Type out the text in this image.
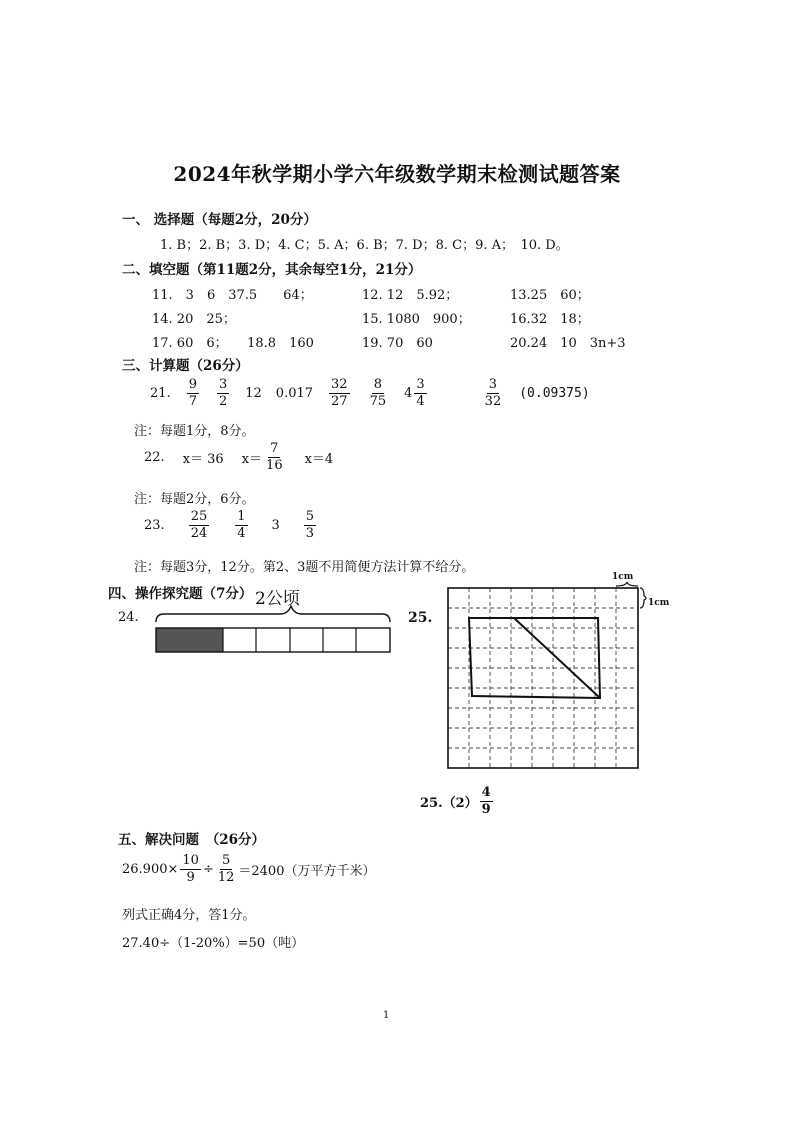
2024年秋学期小学六年级数学期末检测试题答案
一、 选择题（每题2分，20分）
1. B；2. B；3. D；4. C；5. A；6. B；7. D；8. C；9. A；　10. D。
二、填空题（第11题2分，其余每空1分，21分）
11.　3　6　37.5　　64；	12. 12　5.92；	13.25　60；
14. 20　25；	15. 1080　900；	16.32　18；
17. 60　6；　　18.8　160	19. 70　60	20.24　10　3n+3
三、计算题（26分）
21. $\frac{9}{7} \frac{3}{2} 12$ $0.017 \frac{32}{27} \frac{8}{75} 4 \frac{3}{4}$	$\frac{3}{32} (0.09375)$
注：每题1分，8分。
22. x＝ 36 $x= \frac{7}{16} x=4$
注：每题2分，6分。
23. $\frac{25}{24} \frac{1}{4} 3 \frac{5}{3}$
注：每题3分，12分。第2、3题不用简便方法计算不给分。
四、操作探究题（7分）
24.
2公顷
25.
1cm
1cm
$25.(2) \frac{4}{9}$
五、解决问题　（26分）
$26.900\times \frac{10}{9} \div \frac{5}{12} =2400$（万平方千米）
列式正确4分，答1分。
27.40÷（1-20%）=50（吨）
1
